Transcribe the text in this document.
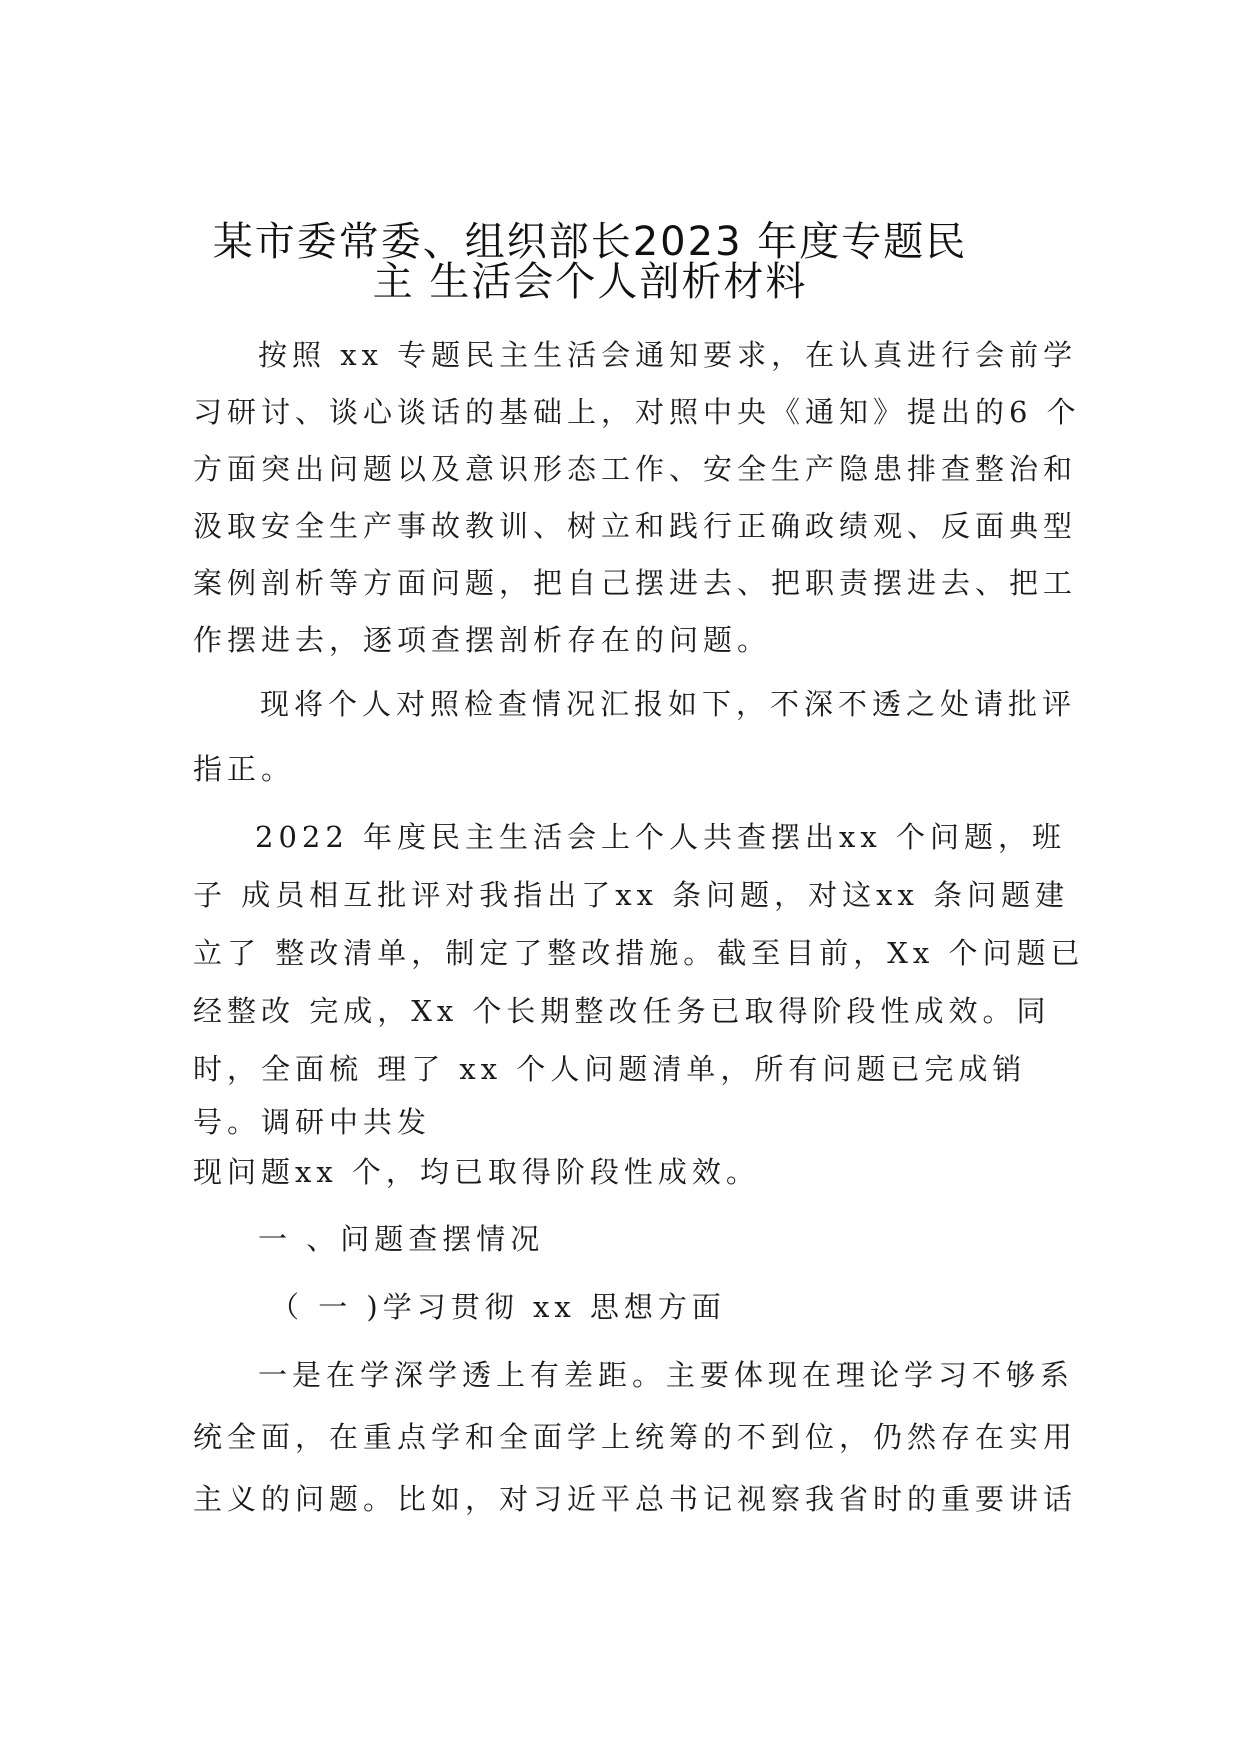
某市委常委、组织部长2023 年度专题民
主 生活会个人剖析材料
按照 xx 专题民主生活会通知要求，在认真进行会前学
习研讨、谈心谈话的基础上，对照中央《通知》提出的6 个
方面突出问题以及意识形态工作、安全生产隐患排查整治和
汲取安全生产事故教训、树立和践行正确政绩观、反面典型
案例剖析等方面问题，把自己摆进去、把职责摆进去、把工
作摆进去，逐项查摆剖析存在的问题。
现将个人对照检查情况汇报如下，不深不透之处请批评
指正。
2022 年度民主生活会上个人共查摆出xx 个问题，班
子 成员相互批评对我指出了xx 条问题，对这xx 条问题建
立了 整改清单，制定了整改措施。截至目前，Xx 个问题已
经整改 完成，Xx 个长期整改任务已取得阶段性成效。同
时，全面梳 理了 xx 个人问题清单，所有问题已完成销
号。调研中共发
现问题xx 个，均已取得阶段性成效。
一 、问题查摆情况
（ 一 )学习贯彻 xx 思想方面
一是在学深学透上有差距。主要体现在理论学习不够系
统全面，在重点学和全面学上统筹的不到位，仍然存在实用
主义的问题。比如，对习近平总书记视察我省时的重要讲话
